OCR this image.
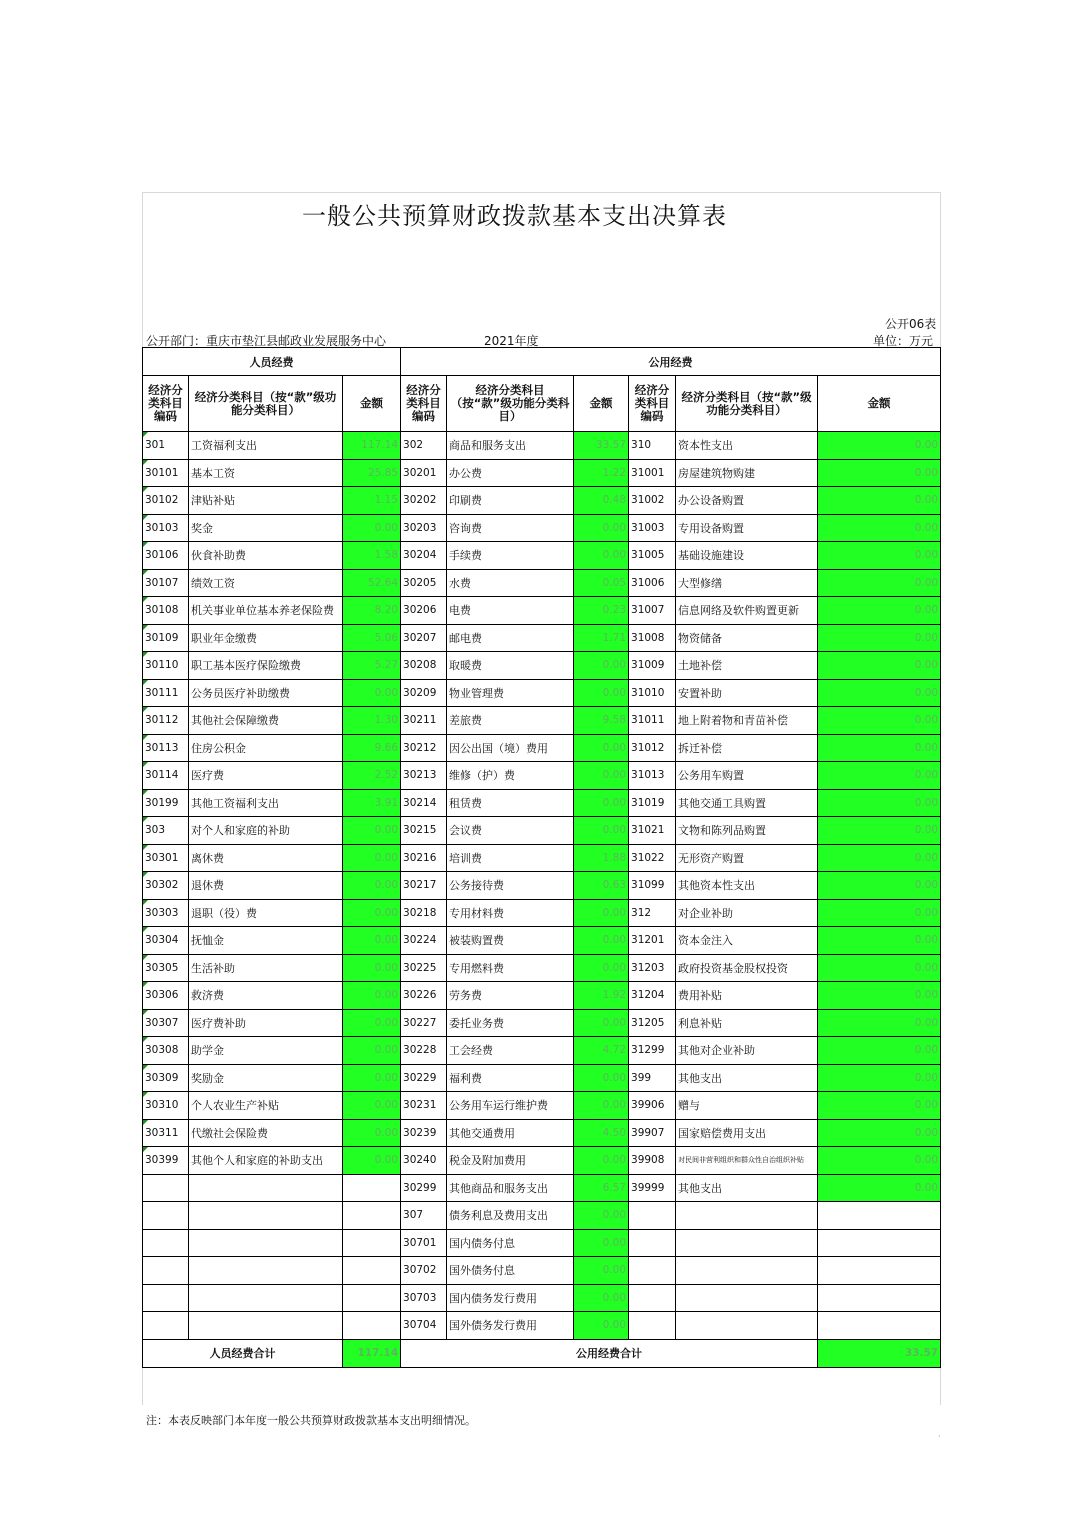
一般公共预算财政拨款基本支出决算表
公开06表
公开部门：重庆市垫江县邮政业发展服务中心	2021年度	单位：万元
人员经费			公用经费					
经济分类科目编码	经济分类科目（按“款”级功能分类科目）	金额	经济分类科目编码	经济分类科目（按“款”级功能分类科目）	金额	经济分类科目编码	经济分类科目（按“款”级功能分类科目）	金额
301	工资福利支出	117.14	302	商品和服务支出	33.57	310	资本性支出	0.00
30101	基本工资	25.85	30201	办公费	1.22	31001	房屋建筑物购建	0.00
30102	津贴补贴	1.15	30202	印刷费	0.48	31002	办公设备购置	0.00
30103	奖金	0.00	30203	咨询费	0.00	31003	专用设备购置	0.00
30106	伙食补助费	1.58	30204	手续费	0.00	31005	基础设施建设	0.00
30107	绩效工资	52.64	30205	水费	0.05	31006	大型修缮	0.00
30108	机关事业单位基本养老保险费	8.20	30206	电费	0.23	31007	信息网络及软件购置更新	0.00
30109	职业年金缴费	5.06	30207	邮电费	1.71	31008	物资储备	0.00
30110	职工基本医疗保险缴费	5.27	30208	取暖费	0.00	31009	土地补偿	0.00
30111	公务员医疗补助缴费	0.00	30209	物业管理费	0.00	31010	安置补助	0.00
30112	其他社会保障缴费	1.30	30211	差旅费	9.58	31011	地上附着物和青苗补偿	0.00
30113	住房公积金	9.66	30212	因公出国（境）费用	0.00	31012	拆迁补偿	0.00
30114	医疗费	2.52	30213	维修（护）费	0.00	31013	公务用车购置	0.00
30199	其他工资福利支出	3.91	30214	租赁费	0.00	31019	其他交通工具购置	0.00
303	对个人和家庭的补助	0.00	30215	会议费	0.00	31021	文物和陈列品购置	0.00
30301	离休费	0.00	30216	培训费	1.88	31022	无形资产购置	0.00
30302	退休费	0.00	30217	公务接待费	0.63	31099	其他资本性支出	0.00
30303	退职（役）费	0.00	30218	专用材料费	0.00	312	对企业补助	0.00
30304	抚恤金	0.00	30224	被装购置费	0.00	31201	资本金注入	0.00
30305	生活补助	0.00	30225	专用燃料费	0.00	31203	政府投资基金股权投资	0.00
30306	救济费	0.00	30226	劳务费	1.92	31204	费用补贴	0.00
30307	医疗费补助	0.00	30227	委托业务费	0.00	31205	利息补贴	0.00
30308	助学金	0.00	30228	工会经费	4.72	31299	其他对企业补助	0.00
30309	奖励金	0.00	30229	福利费	0.00	399	其他支出	0.00
30310	个人农业生产补贴	0.00	30231	公务用车运行维护费	0.00	39906	赠与	0.00
30311	代缴社会保险费	0.00	30239	其他交通费用	4.50	39907	国家赔偿费用支出	0.00
30399	其他个人和家庭的补助支出	0.00	30240	税金及附加费用	0.00	39908	对民间非营利组织和群众性自治组织补贴	0.00
			30299	其他商品和服务支出	6.57	39999	其他支出	0.00
			307	债务利息及费用支出	0.00			
			30701	国内债务付息	0.00			
			30702	国外债务付息	0.00			
			30703	国内债务发行费用	0.00			
			30704	国外债务发行费用	0.00			
人员经费合计		117.14	公用经费合计					33.57
注：本表反映部门本年度一般公共预算财政拨款基本支出明细情况。
·
